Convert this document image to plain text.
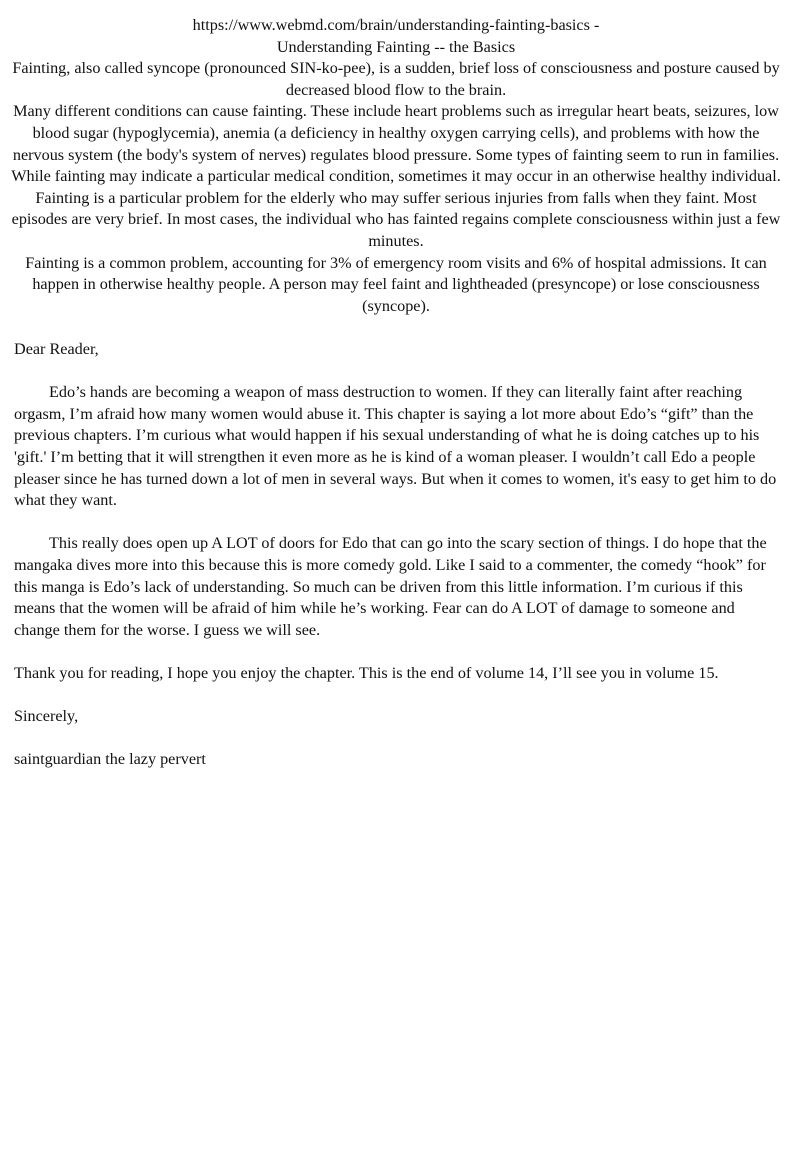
https://www.webmd.com/brain/understanding-fainting-basics -

Understanding Fainting -- the Basics

Fainting, also called syncope (pronounced SIN-ko-pee), is a sudden, brief loss of consciousness and posture caused by decreased blood flow to the brain.

Many different conditions can cause fainting. These include heart problems such as irregular heart beats, seizures, low blood sugar (hypoglycemia), anemia (a deficiency in healthy oxygen carrying cells), and problems with how the nervous system (the body's system of nerves) regulates blood pressure. Some types of fainting seem to run in families.

While fainting may indicate a particular medical condition, sometimes it may occur in an otherwise healthy individual. Fainting is a particular problem for the elderly who may suffer serious injuries from falls when they faint. Most episodes are very brief. In most cases, the individual who has fainted regains complete consciousness within just a few minutes.

Fainting is a common problem, accounting for 3% of emergency room visits and 6% of hospital admissions. It can happen in otherwise healthy people. A person may feel faint and lightheaded (presyncope) or lose consciousness (syncope).

Dear Reader,

Edo’s hands are becoming a weapon of mass destruction to women. If they can literally faint after reaching orgasm, I’m afraid how many women would abuse it. This chapter is saying a lot more about Edo’s “gift” than the previous chapters. I’m curious what would happen if his sexual understanding of what he is doing catches up to his 'gift.' I’m betting that it will strengthen it even more as he is kind of a woman pleaser. I wouldn’t call Edo a people pleaser since he has turned down a lot of men in several ways. But when it comes to women, it's easy to get him to do what they want.

This really does open up A LOT of doors for Edo that can go into the scary section of things. I do hope that the mangaka dives more into this because this is more comedy gold. Like I said to a commenter, the comedy “hook” for this manga is Edo’s lack of understanding. So much can be driven from this little information. I’m curious if this means that the women will be afraid of him while he’s working. Fear can do A LOT of damage to someone and change them for the worse. I guess we will see.

Thank you for reading, I hope you enjoy the chapter. This is the end of volume 14, I’ll see you in volume 15.

Sincerely,

saintguardian the lazy pervert
